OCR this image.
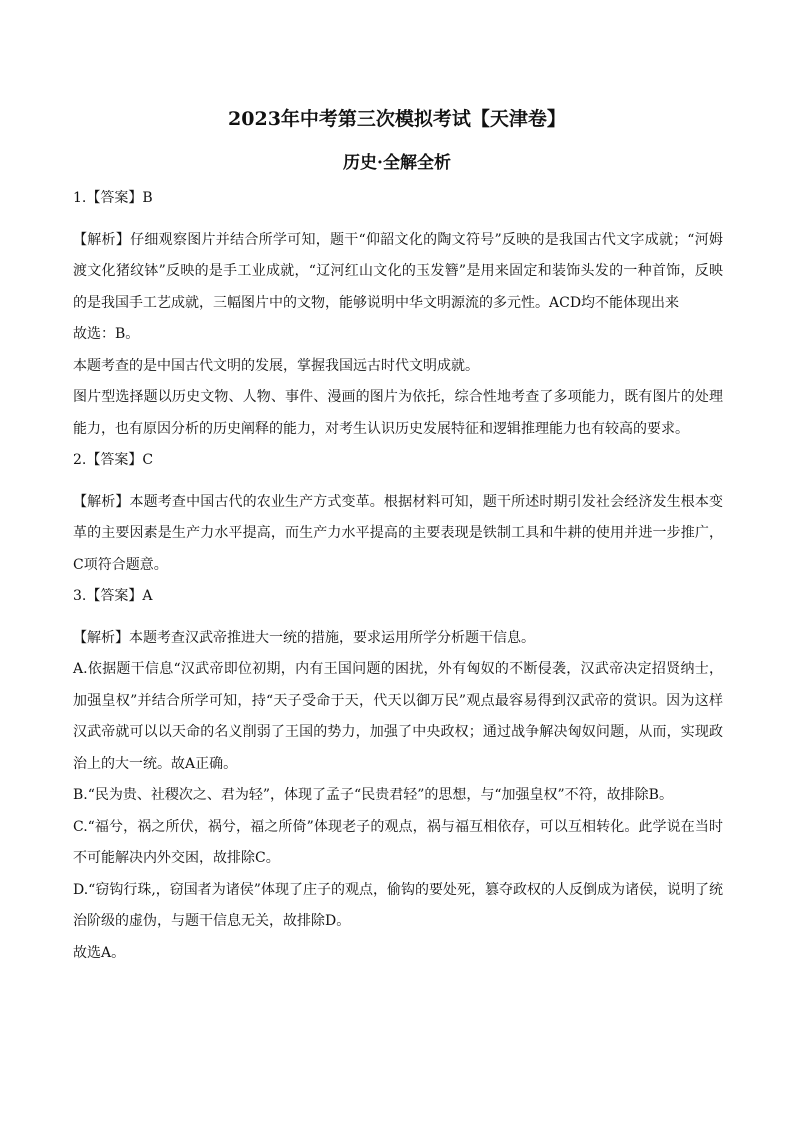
2023年中考第三次模拟考试【天津卷】
历史·全解全析

1.【答案】B

【解析】仔细观察图片并结合所学可知，题干“仰韶文化的陶文符号”反映的是我国古代文字成就；“河姆渡文化猪纹钵”反映的是手工业成就，“辽河红山文化的玉发簪”是用来固定和装饰头发的一种首饰，反映的是我国手工艺成就，三幅图片中的文物，能够说明中华文明源流的多元性。ACD均不能体现出来

故选：B。

本题考查的是中国古代文明的发展，掌握我国远古时代文明成就。

图片型选择题以历史文物、人物、事件、漫画的图片为依托，综合性地考查了多项能力，既有图片的处理能力，也有原因分析的历史阐释的能力，对考生认识历史发展特征和逻辑推理能力也有较高的要求。

2.【答案】C

【解析】本题考查中国古代的农业生产方式变革。根据材料可知，题干所述时期引发社会经济发生根本变革的主要因素是生产力水平提高，而生产力水平提高的主要表现是铁制工具和牛耕的使用并进一步推广，C项符合题意。

3.【答案】A

【解析】本题考查汉武帝推进大一统的措施，要求运用所学分析题干信息。

A.依据题干信息“汉武帝即位初期，内有王国问题的困扰，外有匈奴的不断侵袭，汉武帝决定招贤纳士，加强皇权”并结合所学可知，持“天子受命于天，代天以御万民”观点最容易得到汉武帝的赏识。因为这样汉武帝就可以以天命的名义削弱了王国的势力，加强了中央政权；通过战争解决匈奴问题，从而，实现政治上的大一统。故A正确。

B.“民为贵、社稷次之、君为轻”，体现了孟子“民贵君轻”的思想，与“加强皇权”不符，故排除B。

C.“福兮，祸之所伏，祸兮，福之所倚”体现老子的观点，祸与福互相依存，可以互相转化。此学说在当时不可能解决内外交困，故排除C。

D.“窃钩行珠,，窃国者为诸侯”体现了庄子的观点，偷钩的要处死，篡夺政权的人反倒成为诸侯，说明了统治阶级的虚伪，与题干信息无关，故排除D。

故选A。
